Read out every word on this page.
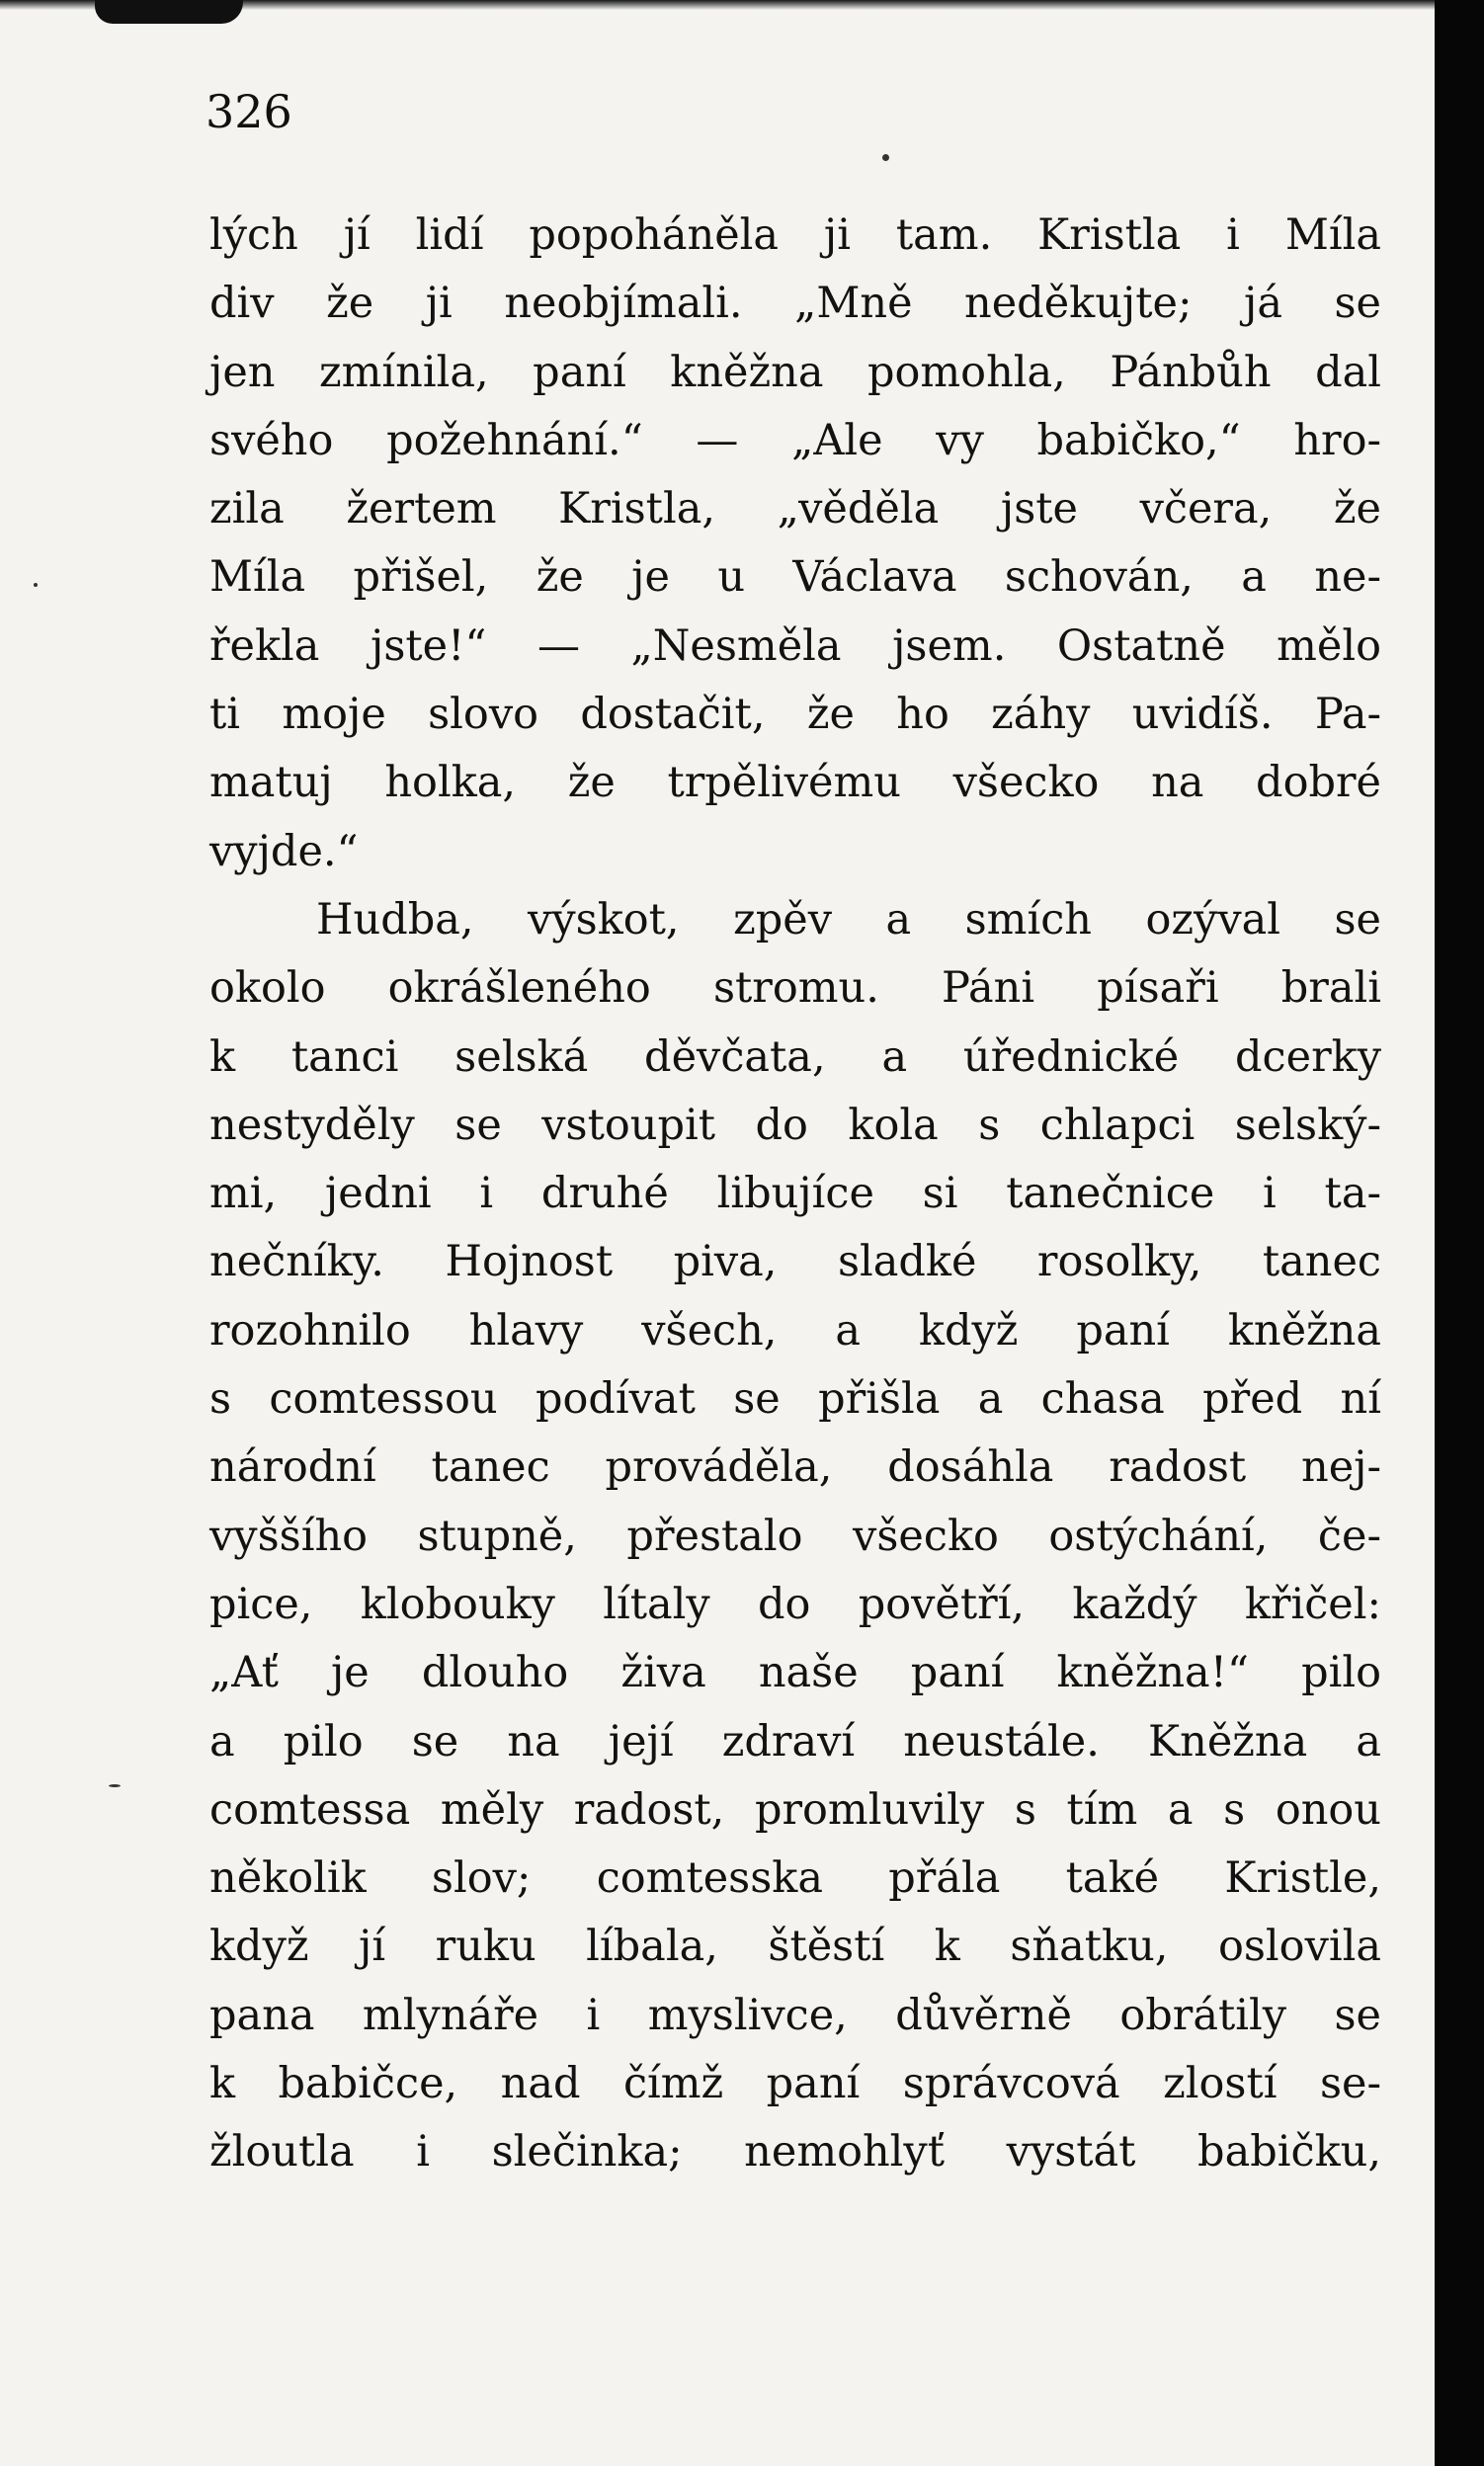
326
lých jí lidí popoháněla ji tam. Kristla i Míla
div že ji neobjímali. „Mně neděkujte; já se
jen zmínila, paní kněžna pomohla, Pánbůh dal
svého požehnání.“ — „Ale vy babičko,“ hro-
zila žertem Kristla, „věděla jste včera, že
Míla přišel, že je u Václava schován, a ne-
řekla jste!“ — „Nesměla jsem. Ostatně mělo
ti moje slovo dostačit, že ho záhy uvidíš. Pa-
matuj holka, že trpělivému všecko na dobré
vyjde.“
Hudba, výskot, zpěv a smích ozýval se
okolo okrášleného stromu. Páni písaři brali
k tanci selská děvčata, a úřednické dcerky
nestyděly se vstoupit do kola s chlapci selský-
mi, jedni i druhé libujíce si tanečnice i ta-
nečníky. Hojnost piva, sladké rosolky, tanec
rozohnilo hlavy všech, a když paní kněžna
s comtessou podívat se přišla a chasa před ní
národní tanec prováděla, dosáhla radost nej-
vyššího stupně, přestalo všecko ostýchání, če-
pice, klobouky lítaly do povětří, každý křičel:
„Ať je dlouho živa naše paní kněžna!“ pilo
a pilo se na její zdraví neustále. Kněžna a
comtessa měly radost, promluvily s tím a s onou
několik slov; comtesska přála také Kristle,
když jí ruku líbala, štěstí k sňatku, oslovila
pana mlynáře i myslivce, důvěrně obrátily se
k babičce, nad čímž paní správcová zlostí se-
žloutla i slečinka; nemohlyť vystát babičku,
